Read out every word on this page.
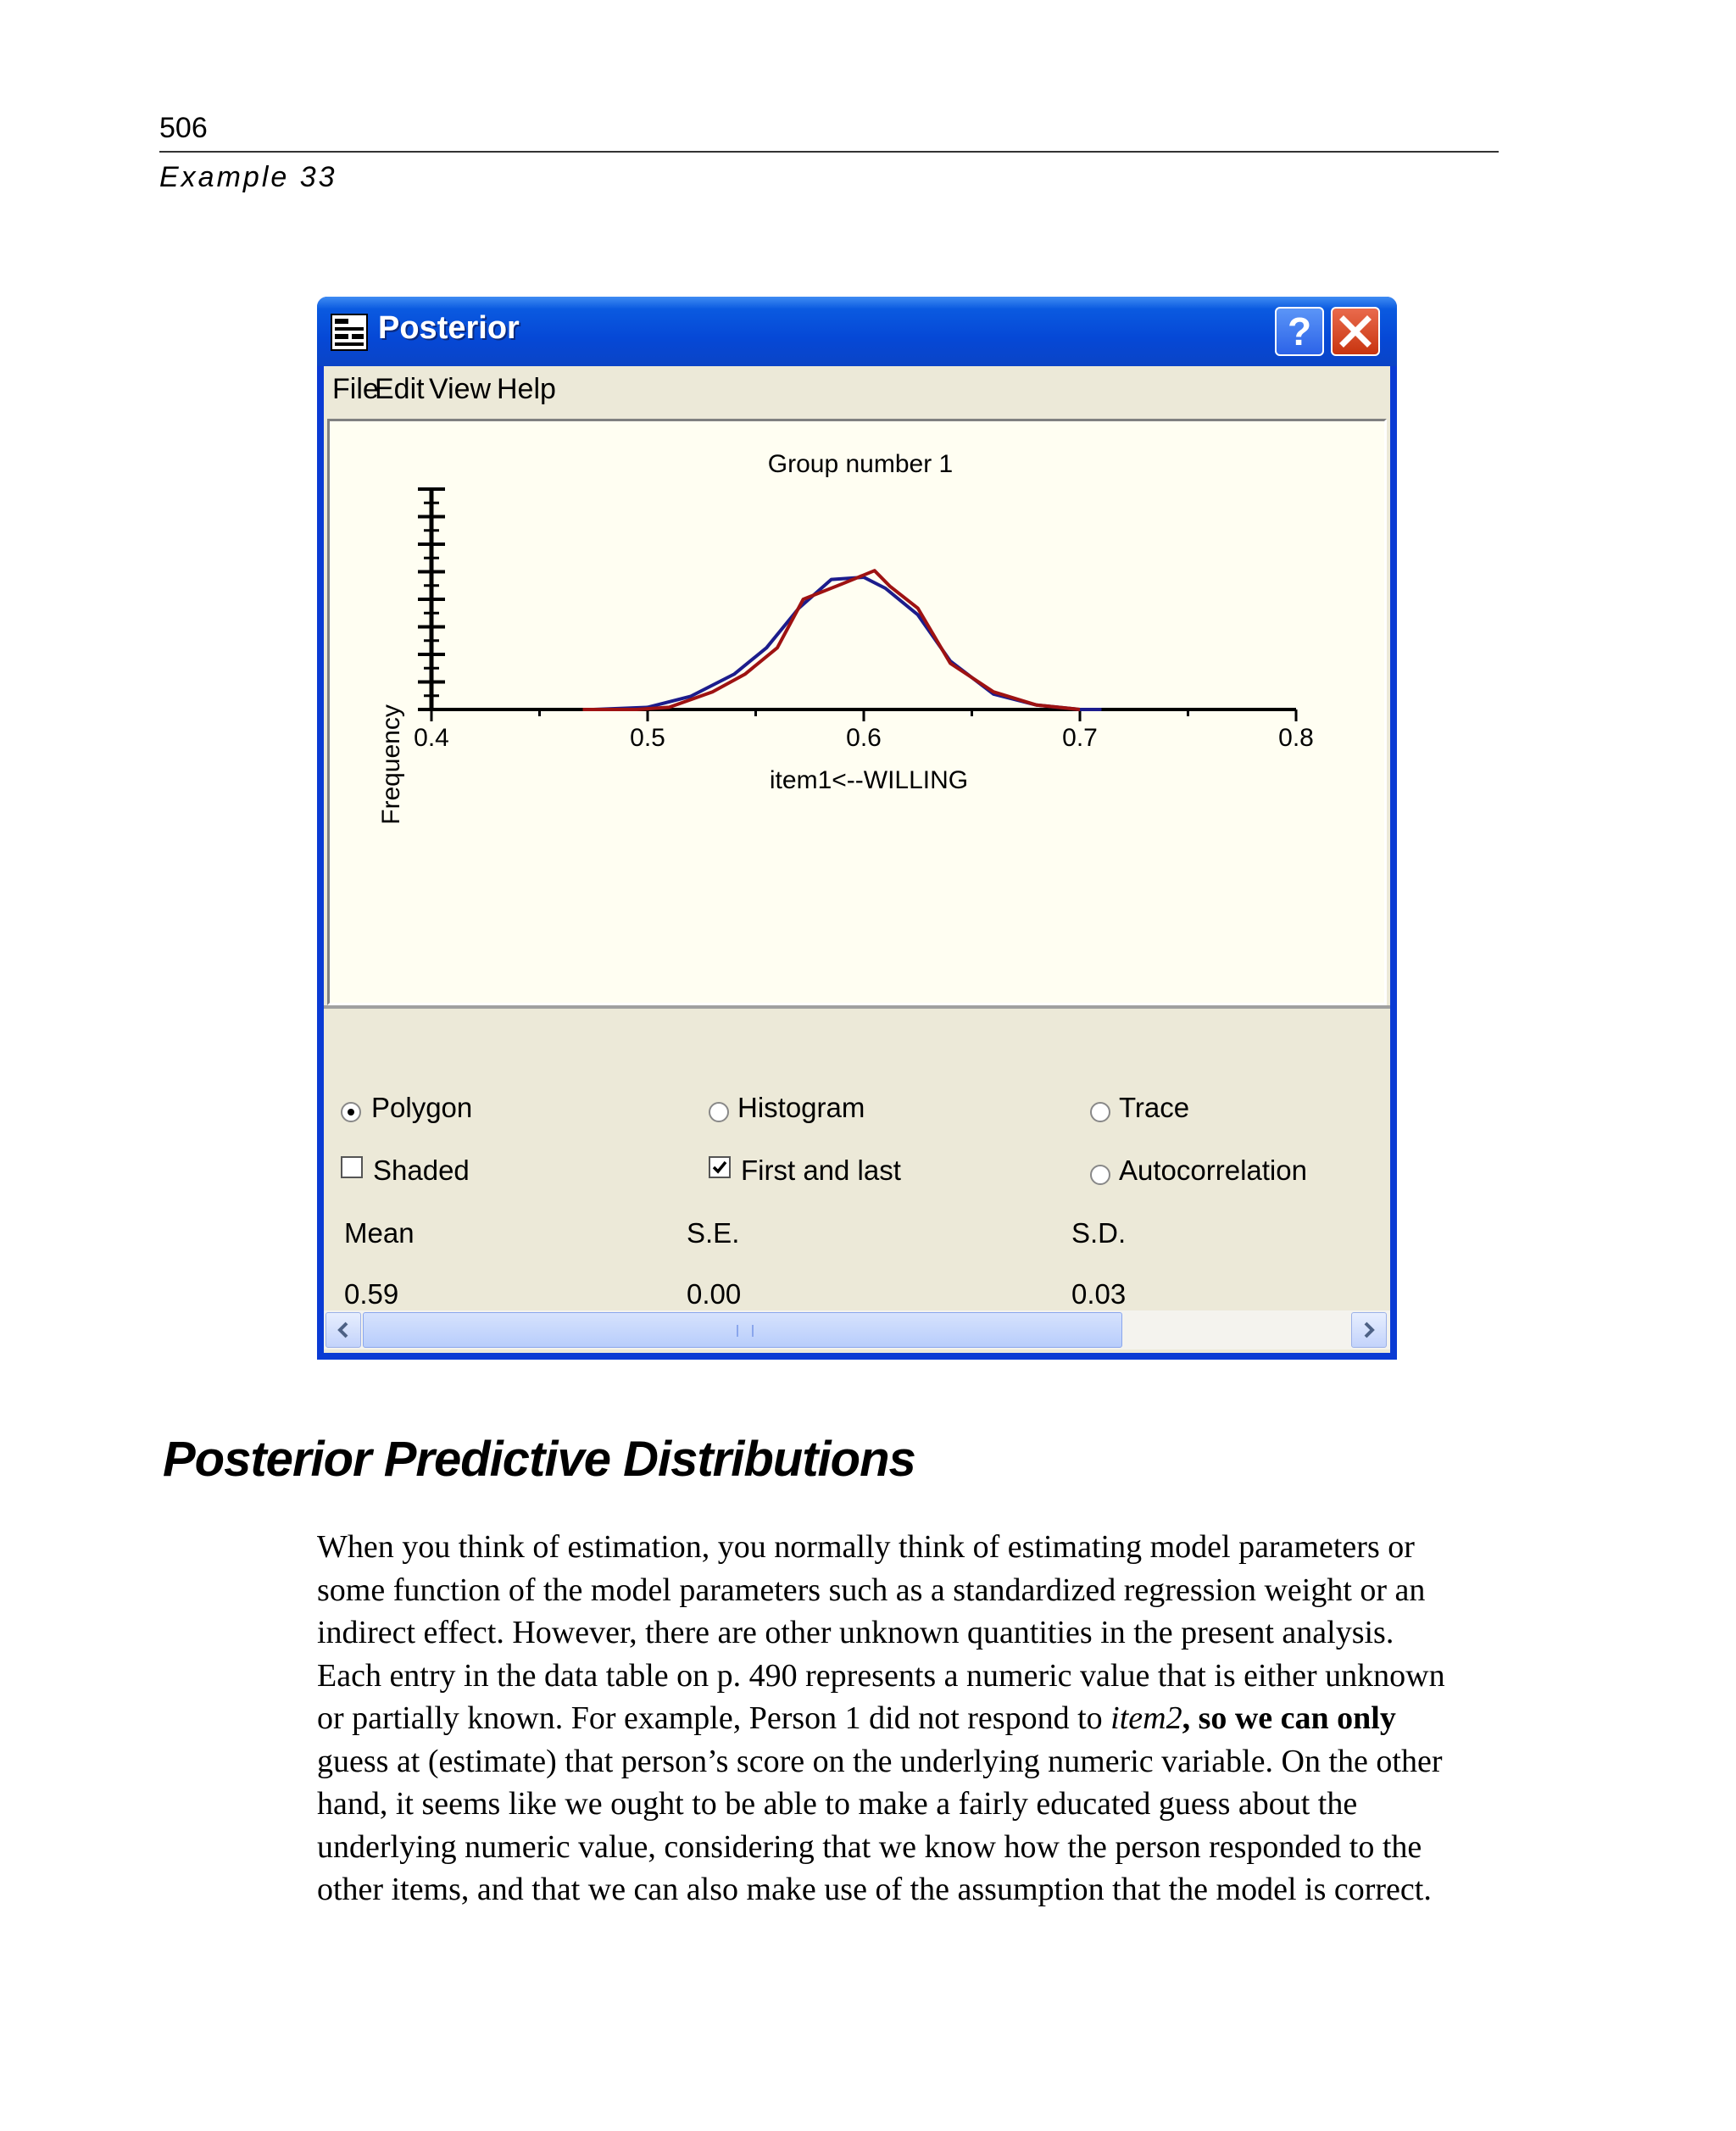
506
Example 33
Posterior	?
File
Edit View Help
Group number 1
Frequency	item1<--WILLING
0.4	0.5	0.6	0.7	0.8
Polygon	Histogram	Trace
Shaded	First and last	Autocorrelation
Mean	S.E.	S.D.
0.59	0.00	0.03
Posterior Predictive Distributions
When you think of estimation, you normally think of estimating model parameters or
some function of the model parameters such as a standardized regression weight or an
indirect effect. However, there are other unknown quantities in the present analysis.
Each entry in the data table on p. 490 represents a numeric value that is either unknown
or partially known. For example, Person 1 did not respond to item2, so we can only
guess at (estimate) that person’s score on the underlying numeric variable. On the other
hand, it seems like we ought to be able to make a fairly educated guess about the
underlying numeric value, considering that we know how the person responded to the
other items, and that we can also make use of the assumption that the model is correct.
